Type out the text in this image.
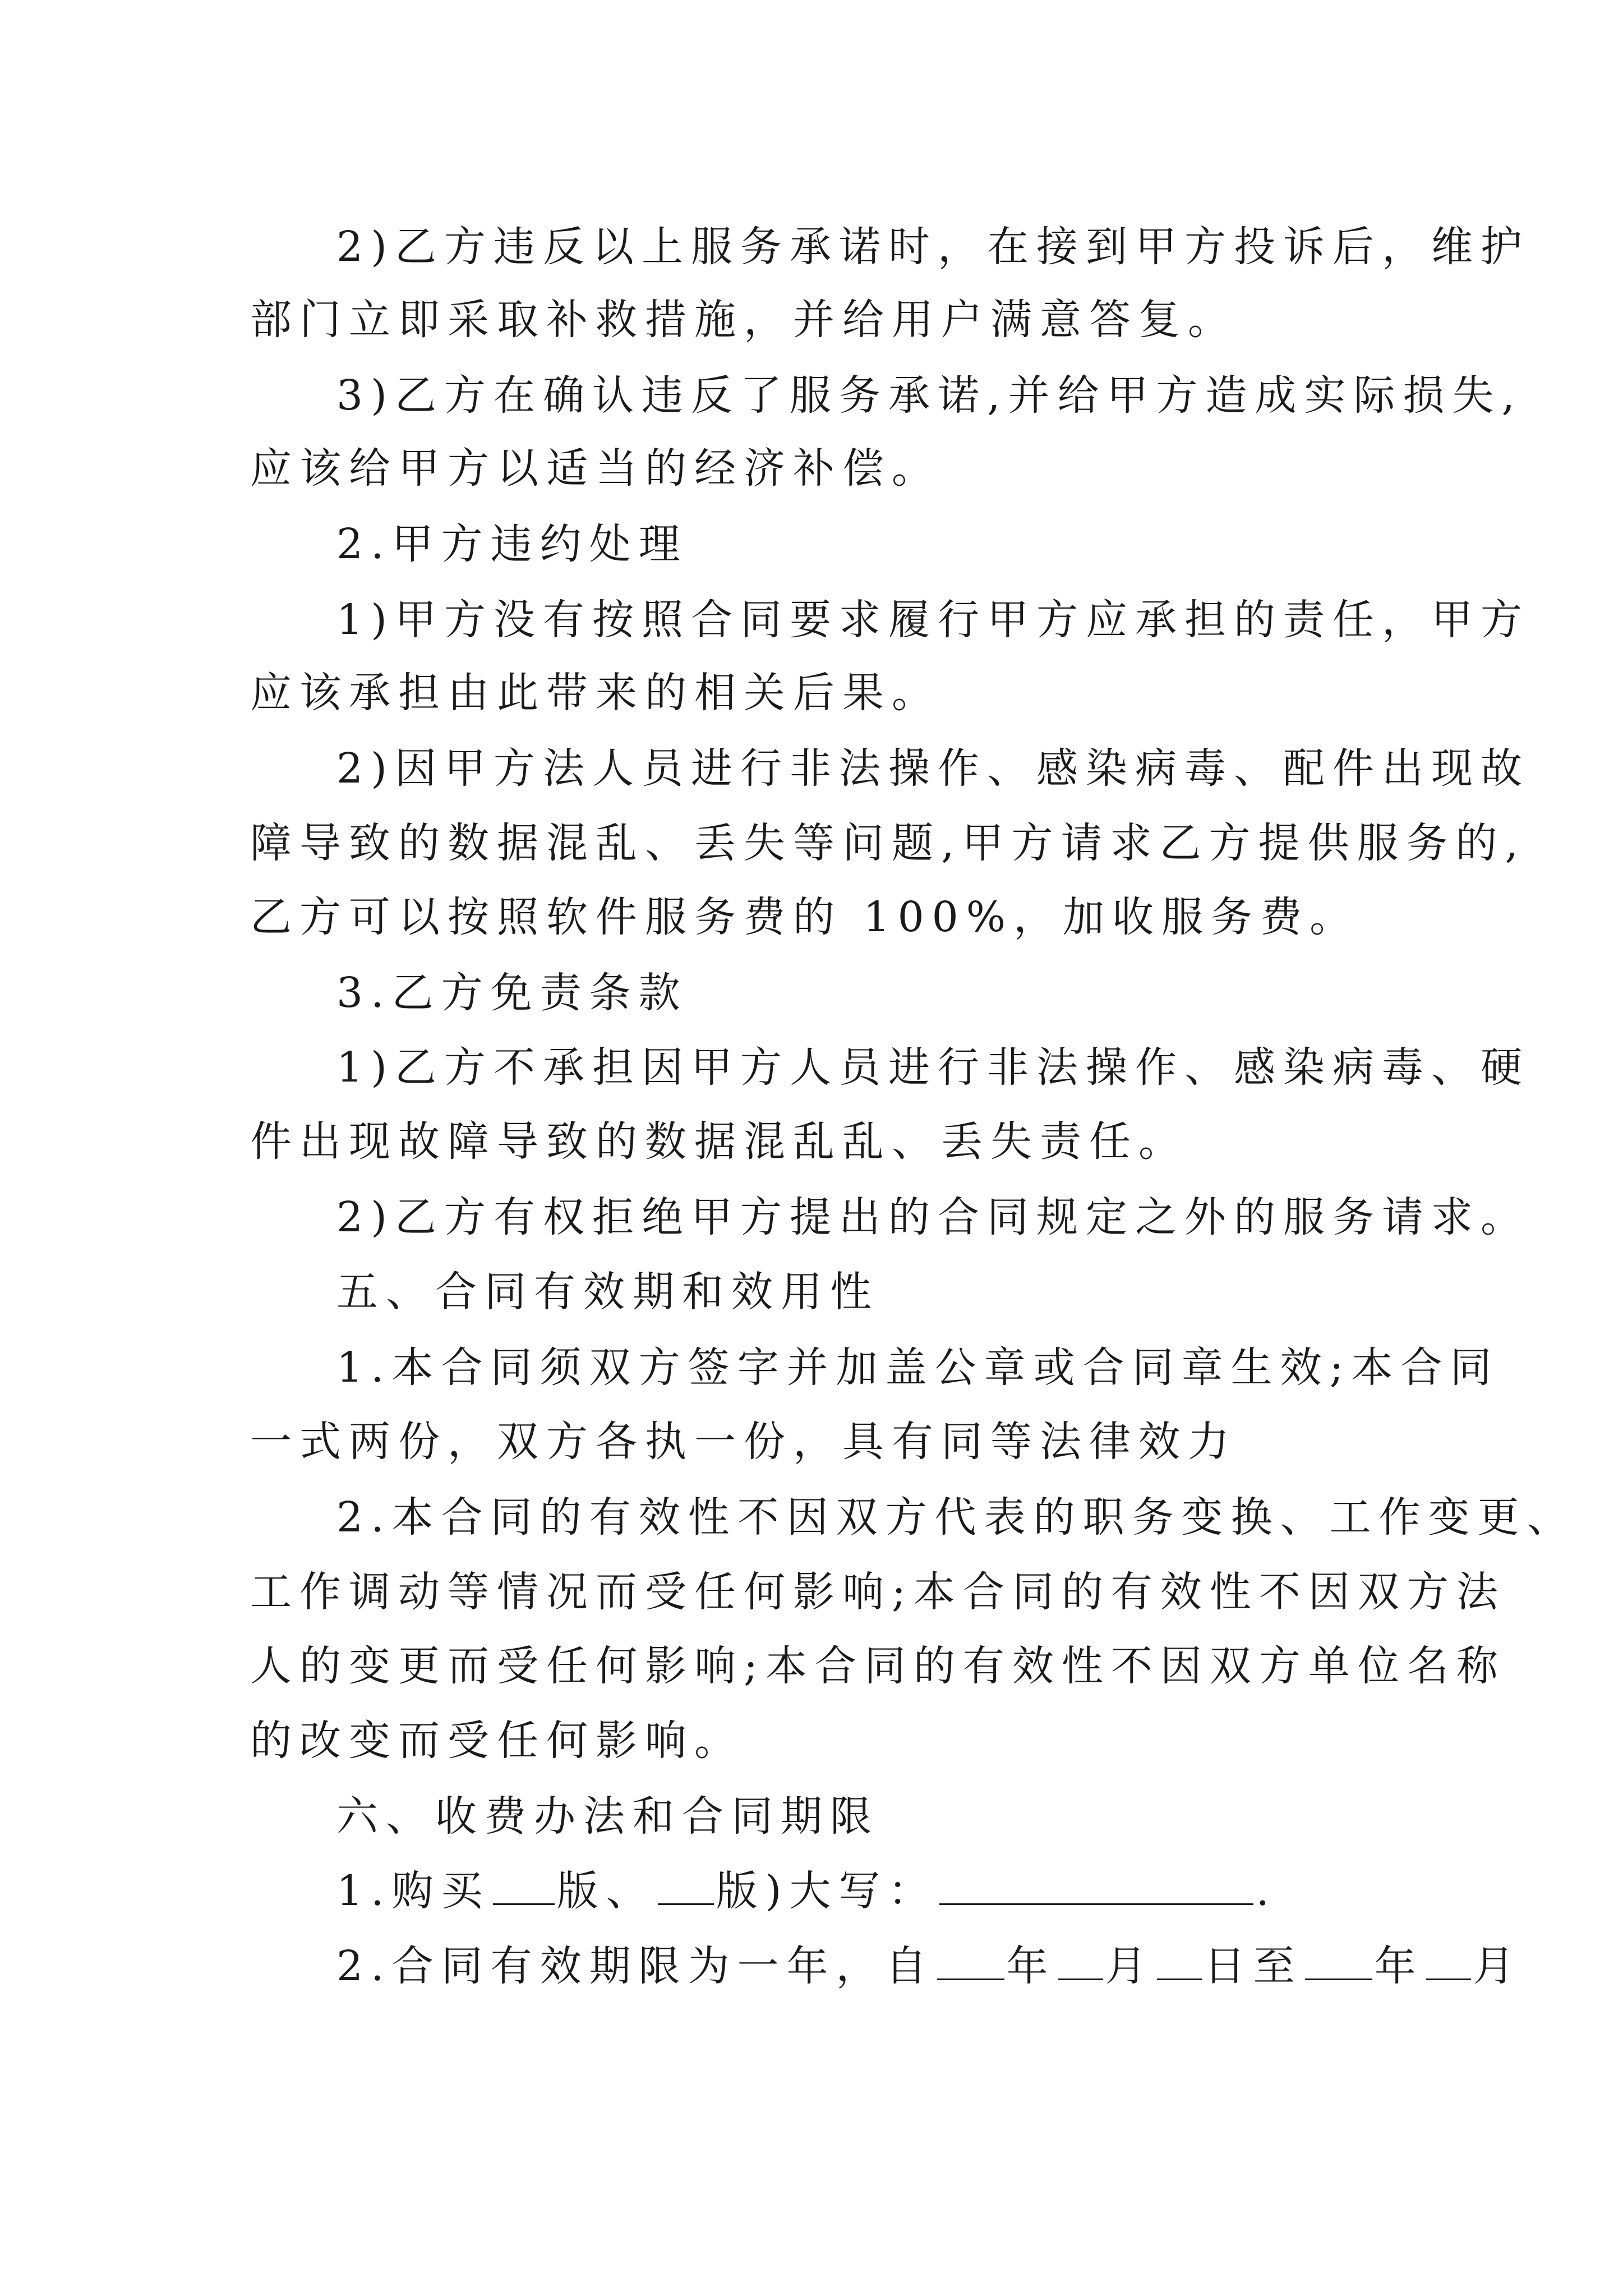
2)乙方违反以上服务承诺时，在接到甲方投诉后，维护
部门立即采取补救措施，并给用户满意答复。
3)乙方在确认违反了服务承诺,并给甲方造成实际损失,
应该给甲方以适当的经济补偿。
2.甲方违约处理
1)甲方没有按照合同要求履行甲方应承担的责任，甲方
应该承担由此带来的相关后果。
2)因甲方法人员进行非法操作、感染病毒、配件出现故
障导致的数据混乱、丢失等问题,甲方请求乙方提供服务的,
乙方可以按照软件服务费的 100%，加收服务费。
3.乙方免责条款
1)乙方不承担因甲方人员进行非法操作、感染病毒、硬
件出现故障导致的数据混乱乱、丢失责任。
2)乙方有权拒绝甲方提出的合同规定之外的服务请求。
五、合同有效期和效用性
1.本合同须双方签字并加盖公章或合同章生效;本合同
一式两份，双方各执一份，具有同等法律效力
2.本合同的有效性不因双方代表的职务变换、工作变更、
工作调动等情况而受任何影响;本合同的有效性不因双方法
人的变更而受任何影响;本合同的有效性不因双方单位名称
的改变而受任何影响。
六、收费办法和合同期限
1.购买 版、 版)大写：	.
2.合同有效期限为一年，自 年 月 日至 年 月
